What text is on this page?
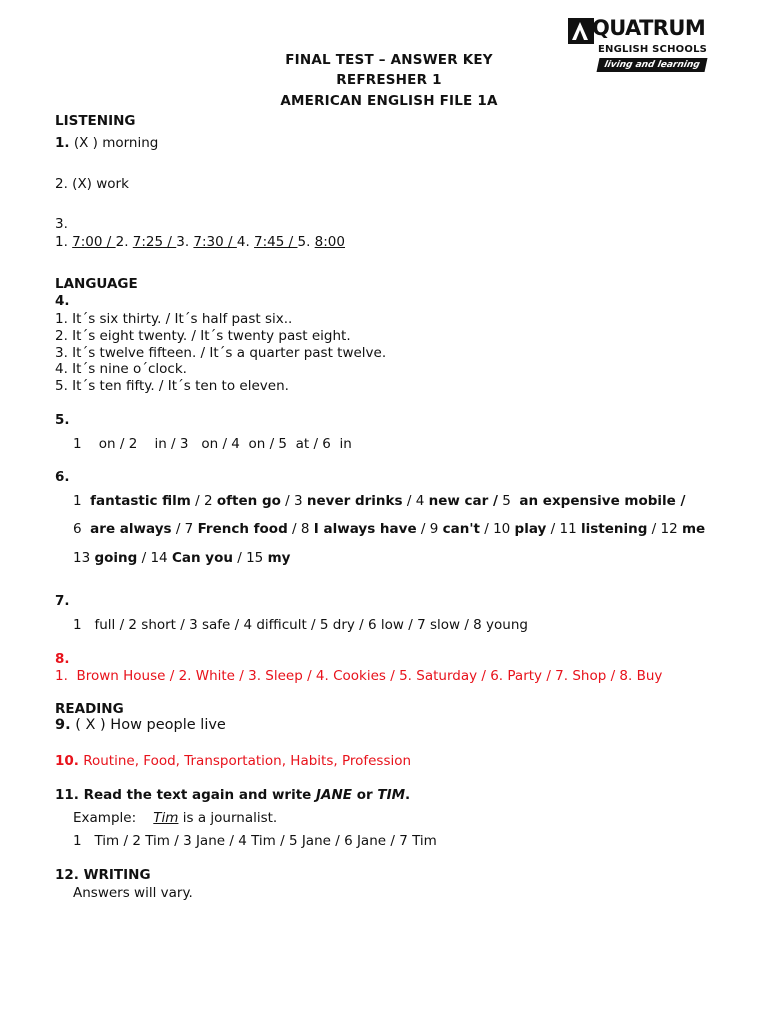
QUATRUM
ENGLISH SCHOOLS
living and learning
FINAL TEST – ANSWER KEY
REFRESHER 1
AMERICAN ENGLISH FILE 1A
LISTENING
1. (X ) morning
2. (X) work
3.
1. 7:00 / 2. 7:25 / 3. 7:30 / 4. 7:45 / 5. 8:00
LANGUAGE
4.
1. It´s six thirty. / It´s half past six..
2. It´s eight twenty. / It´s twenty past eight.
3. It´s twelve fifteen. / It´s a quarter past twelve.
4. It´s nine o´clock.
5. It´s ten fifty. / It´s ten to eleven.
5.
1    on / 2    in / 3   on / 4  on / 5  at / 6  in
6.
1  fantastic film / 2 often go / 3 never drinks / 4 new car / 5  an expensive mobile /
6  are always / 7 French food / 8 I always have / 9 can't / 10 play / 11 listening / 12 me
13 going / 14 Can you / 15 my
7.
1   full / 2 short / 3 safe / 4 difficult / 5 dry / 6 low / 7 slow / 8 young
8.
1.  Brown House / 2. White / 3. Sleep / 4. Cookies / 5. Saturday / 6. Party / 7. Shop / 8. Buy
READING
9. ( X ) How people live
10. Routine, Food, Transportation, Habits, Profession
11. Read the text again and write JANE or TIM.
Example: Tim is a journalist.
1   Tim / 2 Tim / 3 Jane / 4 Tim / 5 Jane / 6 Jane / 7 Tim
12. WRITING
Answers will vary.
